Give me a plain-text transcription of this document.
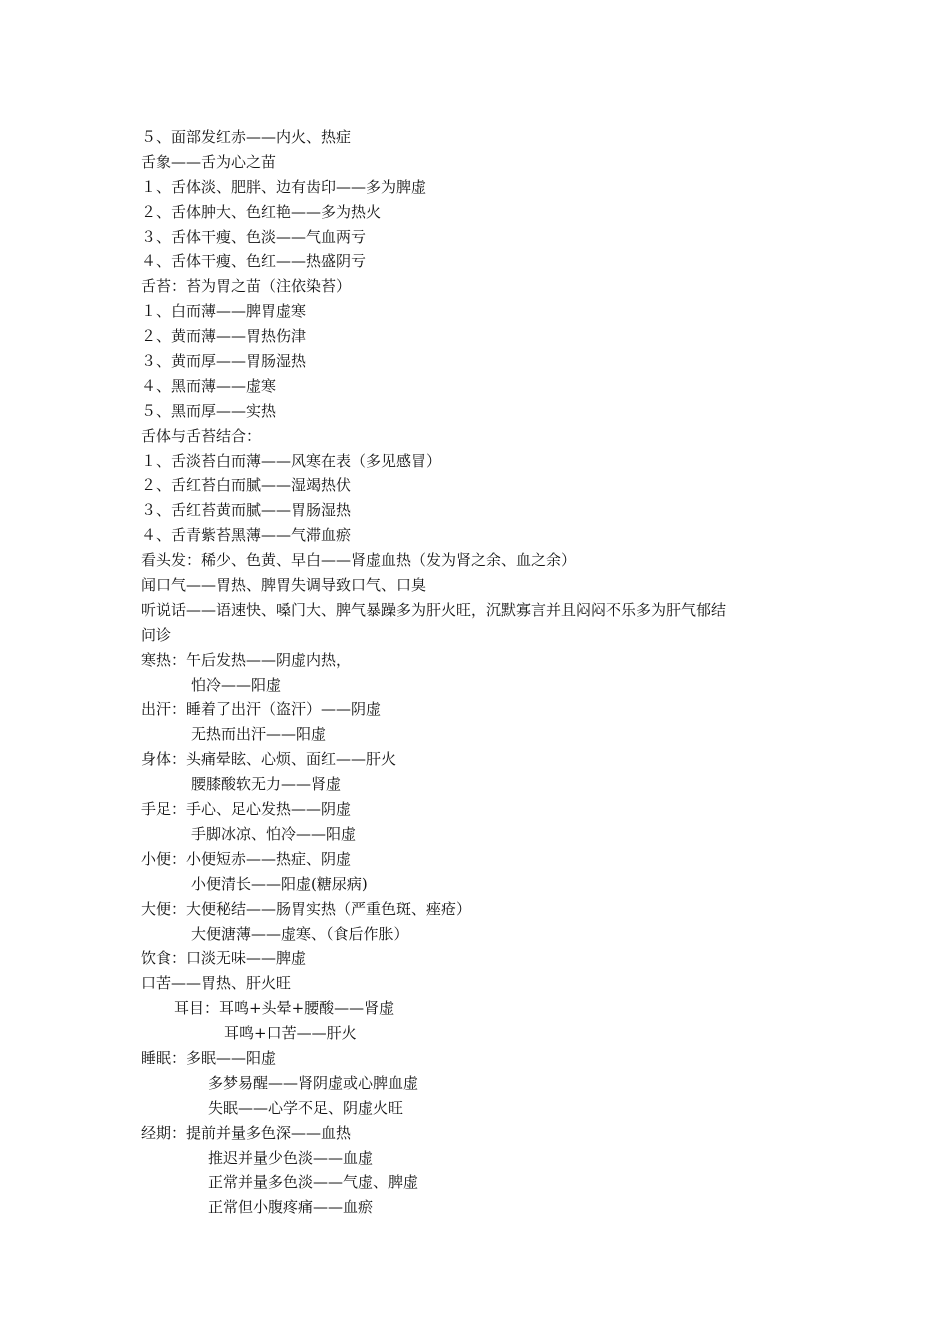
５、面部发红赤——内火、热症
舌象——舌为心之苗
１、舌体淡、肥胖、边有齿印——多为脾虚
２、舌体肿大、色红艳——多为热火
３、舌体干瘦、色淡——气血两亏
４、舌体干瘦、色红——热盛阴亏
舌苔：苔为胃之苗（注依染苔）
１、白而薄——脾胃虚寒
２、黄而薄——胃热伤津
３、黄而厚——胃肠湿热
４、黑而薄——虚寒
５、黑而厚——实热
舌体与舌苔结合：
１、舌淡苔白而薄——风寒在表（多见感冒）
２、舌红苔白而腻——湿竭热伏
３、舌红苔黄而腻——胃肠湿热
４、舌青紫苔黑薄——气滞血瘀
看头发：稀少、色黄、早白——肾虚血热（发为肾之余、血之余）
闻口气——胃热、脾胃失调导致口气、口臭
听说话——语速快、嗓门大、脾气暴躁多为肝火旺，沉默寡言并且闷闷不乐多为肝气郁结
问诊
寒热：午后发热——阴虚内热，
怕冷——阳虚
出汗：睡着了出汗（盗汗）——阴虚
无热而出汗——阳虚
身体：头痛晕眩、心烦、面红——肝火
腰膝酸软无力——肾虚
手足：手心、足心发热——阴虚
手脚冰凉、怕冷——阳虚
小便：小便短赤——热症、阴虚
小便清长——阳虚(糖尿病)
大便：大便秘结——肠胃实热（严重色斑、痤疮）
大便溏薄——虚寒、（食后作胀）
饮食：口淡无味——脾虚
口苦——胃热、肝火旺
耳目：耳鸣+头晕+腰酸——肾虚
耳鸣+口苦——肝火
睡眠：多眠——阳虚
多梦易醒——肾阴虚或心脾血虚
失眠——心学不足、阴虚火旺
经期：提前并量多色深——血热
推迟并量少色淡——血虚
正常并量多色淡——气虚、脾虚
正常但小腹疼痛——血瘀
